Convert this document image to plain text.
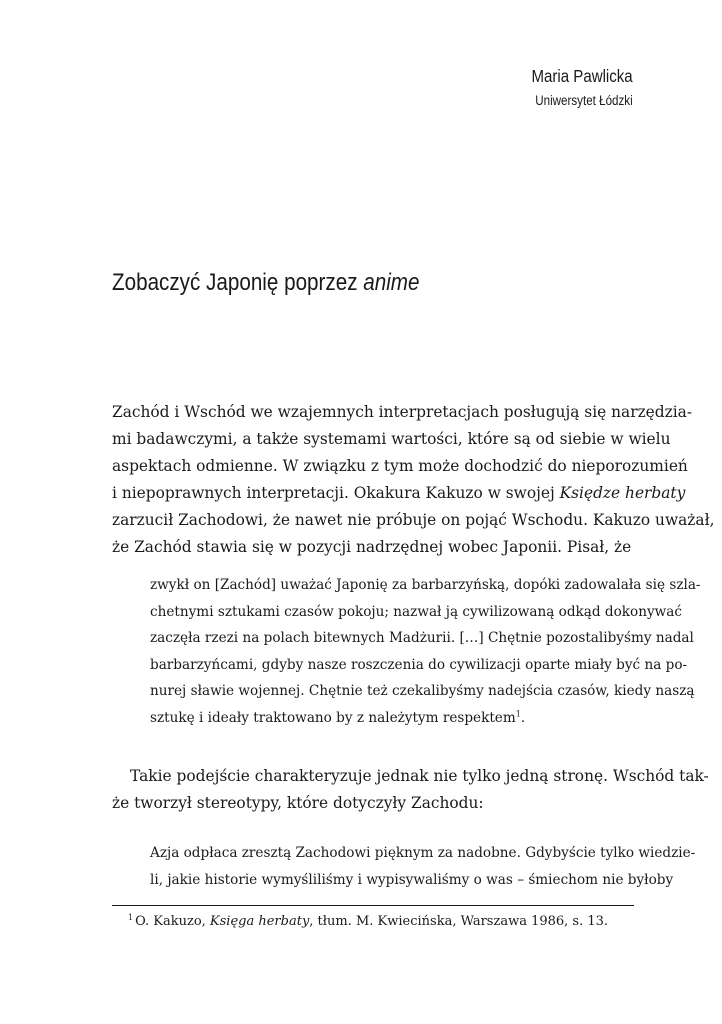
Maria Pawlicka
Uniwersytet Łódzki
Zobaczyć Japonię poprzez anime
Zachód i Wschód we wzajemnych interpretacjach posługują się narzędzia-
mi badawczymi, a także systemami wartości, które są od siebie w wielu
aspektach odmienne. W związku z tym może dochodzić do nieporozumień
i niepoprawnych interpretacji. Okakura Kakuzo w swojej Księdze herbaty
zarzucił Zachodowi, że nawet nie próbuje on pojąć Wschodu. Kakuzo uważał,
że Zachód stawia się w pozycji nadrzędnej wobec Japonii. Pisał, że
zwykł on [Zachód] uważać Japonię za barbarzyńską, dopóki zadowalała się szla-
chetnymi sztukami czasów pokoju; nazwał ją cywilizowaną odkąd dokonywać
zaczęła rzezi na polach bitewnych Madżurii. […] Chętnie pozostalibyśmy nadal
barbarzyńcami, gdyby nasze roszczenia do cywilizacji oparte miały być na po-
nurej sławie wojennej. Chętnie też czekalibyśmy nadejścia czasów, kiedy naszą
sztukę i ideały traktowano by z należytym respektem$^1$.
Takie podejście charakteryzuje jednak nie tylko jedną stronę. Wschód tak-
że tworzył stereotypy, które dotyczyły Zachodu:
Azja odpłaca zresztą Zachodowi pięknym za nadobne. Gdybyście tylko wiedzie-
li, jakie historie wymyśliliśmy i wypisywaliśmy o was – śmiechom nie byłoby
$^1$ O. Kakuzo, Księga herbaty, tłum. M. Kwiecińska, Warszawa 1986, s. 13.
